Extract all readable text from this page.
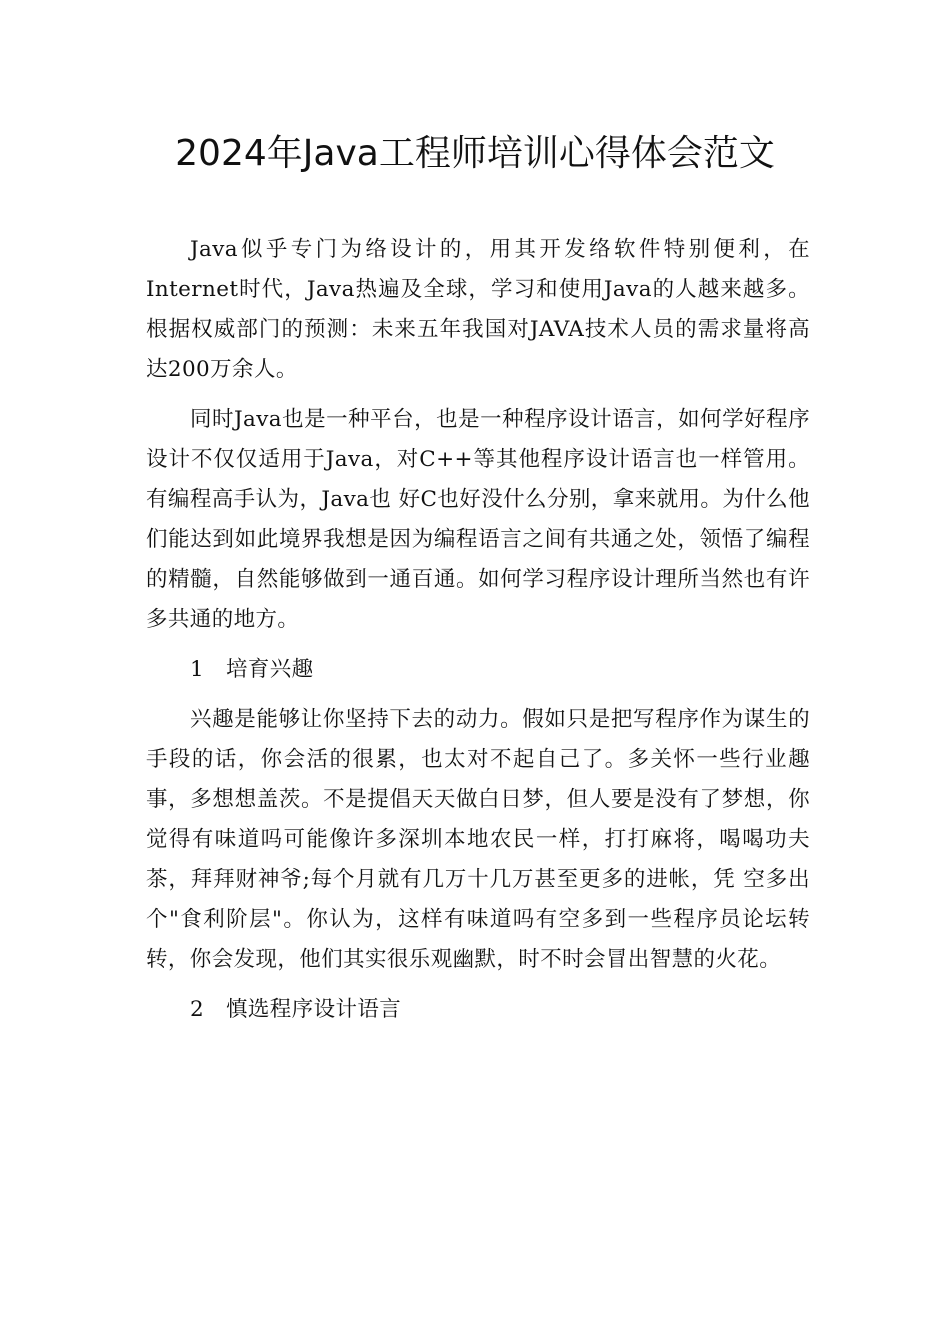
2024年Java工程师培训心得体会范文

Java似乎专门为络设计的，用其开发络软件特别便利，在Internet时代，Java热遍及全球，学习和使用Java的人越来越多。根据权威部门的预测：未来五年我国对JAVA技术人员的需求量将高达200万余人。

同时Java也是一种平台，也是一种程序设计语言，如何学好程序设计不仅仅适用于Java，对C++等其他程序设计语言也一样管用。有编程高手认为，Java也 好C也好没什么分别，拿来就用。为什么他们能达到如此境界我想是因为编程语言之间有共通之处，领悟了编程的精髓，自然能够做到一通百通。如何学习程序设计理所当然也有许多共通的地方。

1　培育兴趣

兴趣是能够让你坚持下去的动力。假如只是把写程序作为谋生的手段的话，你会活的很累，也太对不起自己了。多关怀一些行业趣事，多想想盖茨。不是提倡天天做白日梦，但人要是没有了梦想，你觉得有味道吗可能像许多深圳本地农民一样，打打麻将，喝喝功夫茶，拜拜财神爷;每个月就有几万十几万甚至更多的进帐，凭 空多出个"食利阶层"。你认为，这样有味道吗有空多到一些程序员论坛转转，你会发现，他们其实很乐观幽默，时不时会冒出智慧的火花。

2　慎选程序设计语言
